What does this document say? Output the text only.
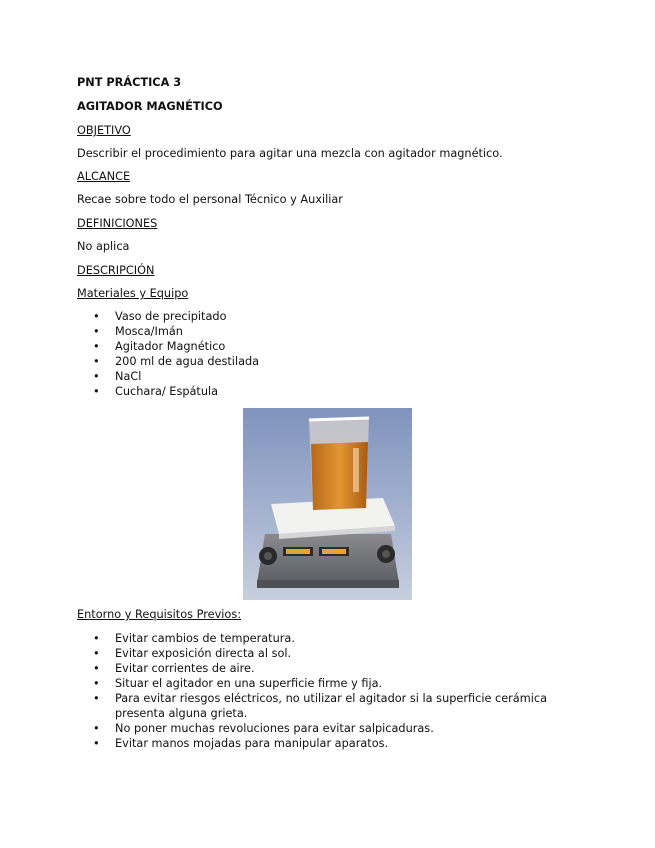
PNT PRÁCTICA 3
AGITADOR MAGNÉTICO
OBJETIVO
Describir el procedimiento para agitar una mezcla con agitador magnético.
ALCANCE
Recae sobre todo el personal Técnico y Auxiliar
DEFINICIONES
No aplica
DESCRIPCIÓN
Materiales y Equipo
• Vaso de precipitado
• Mosca/Imán
• Agitador Magnético
• 200 ml de agua destilada
• NaCl
• Cuchara/ Espátula
Entorno y Requisitos Previos:
• Evitar cambios de temperatura.
• Evitar exposición directa al sol.
• Evitar corrientes de aire.
• Situar el agitador en una superficie firme y fija.
• Para evitar riesgos eléctricos, no utilizar el agitador si la superficie cerámica presenta alguna grieta.
• No poner muchas revoluciones para evitar salpicaduras.
• Evitar manos mojadas para manipular aparatos.
